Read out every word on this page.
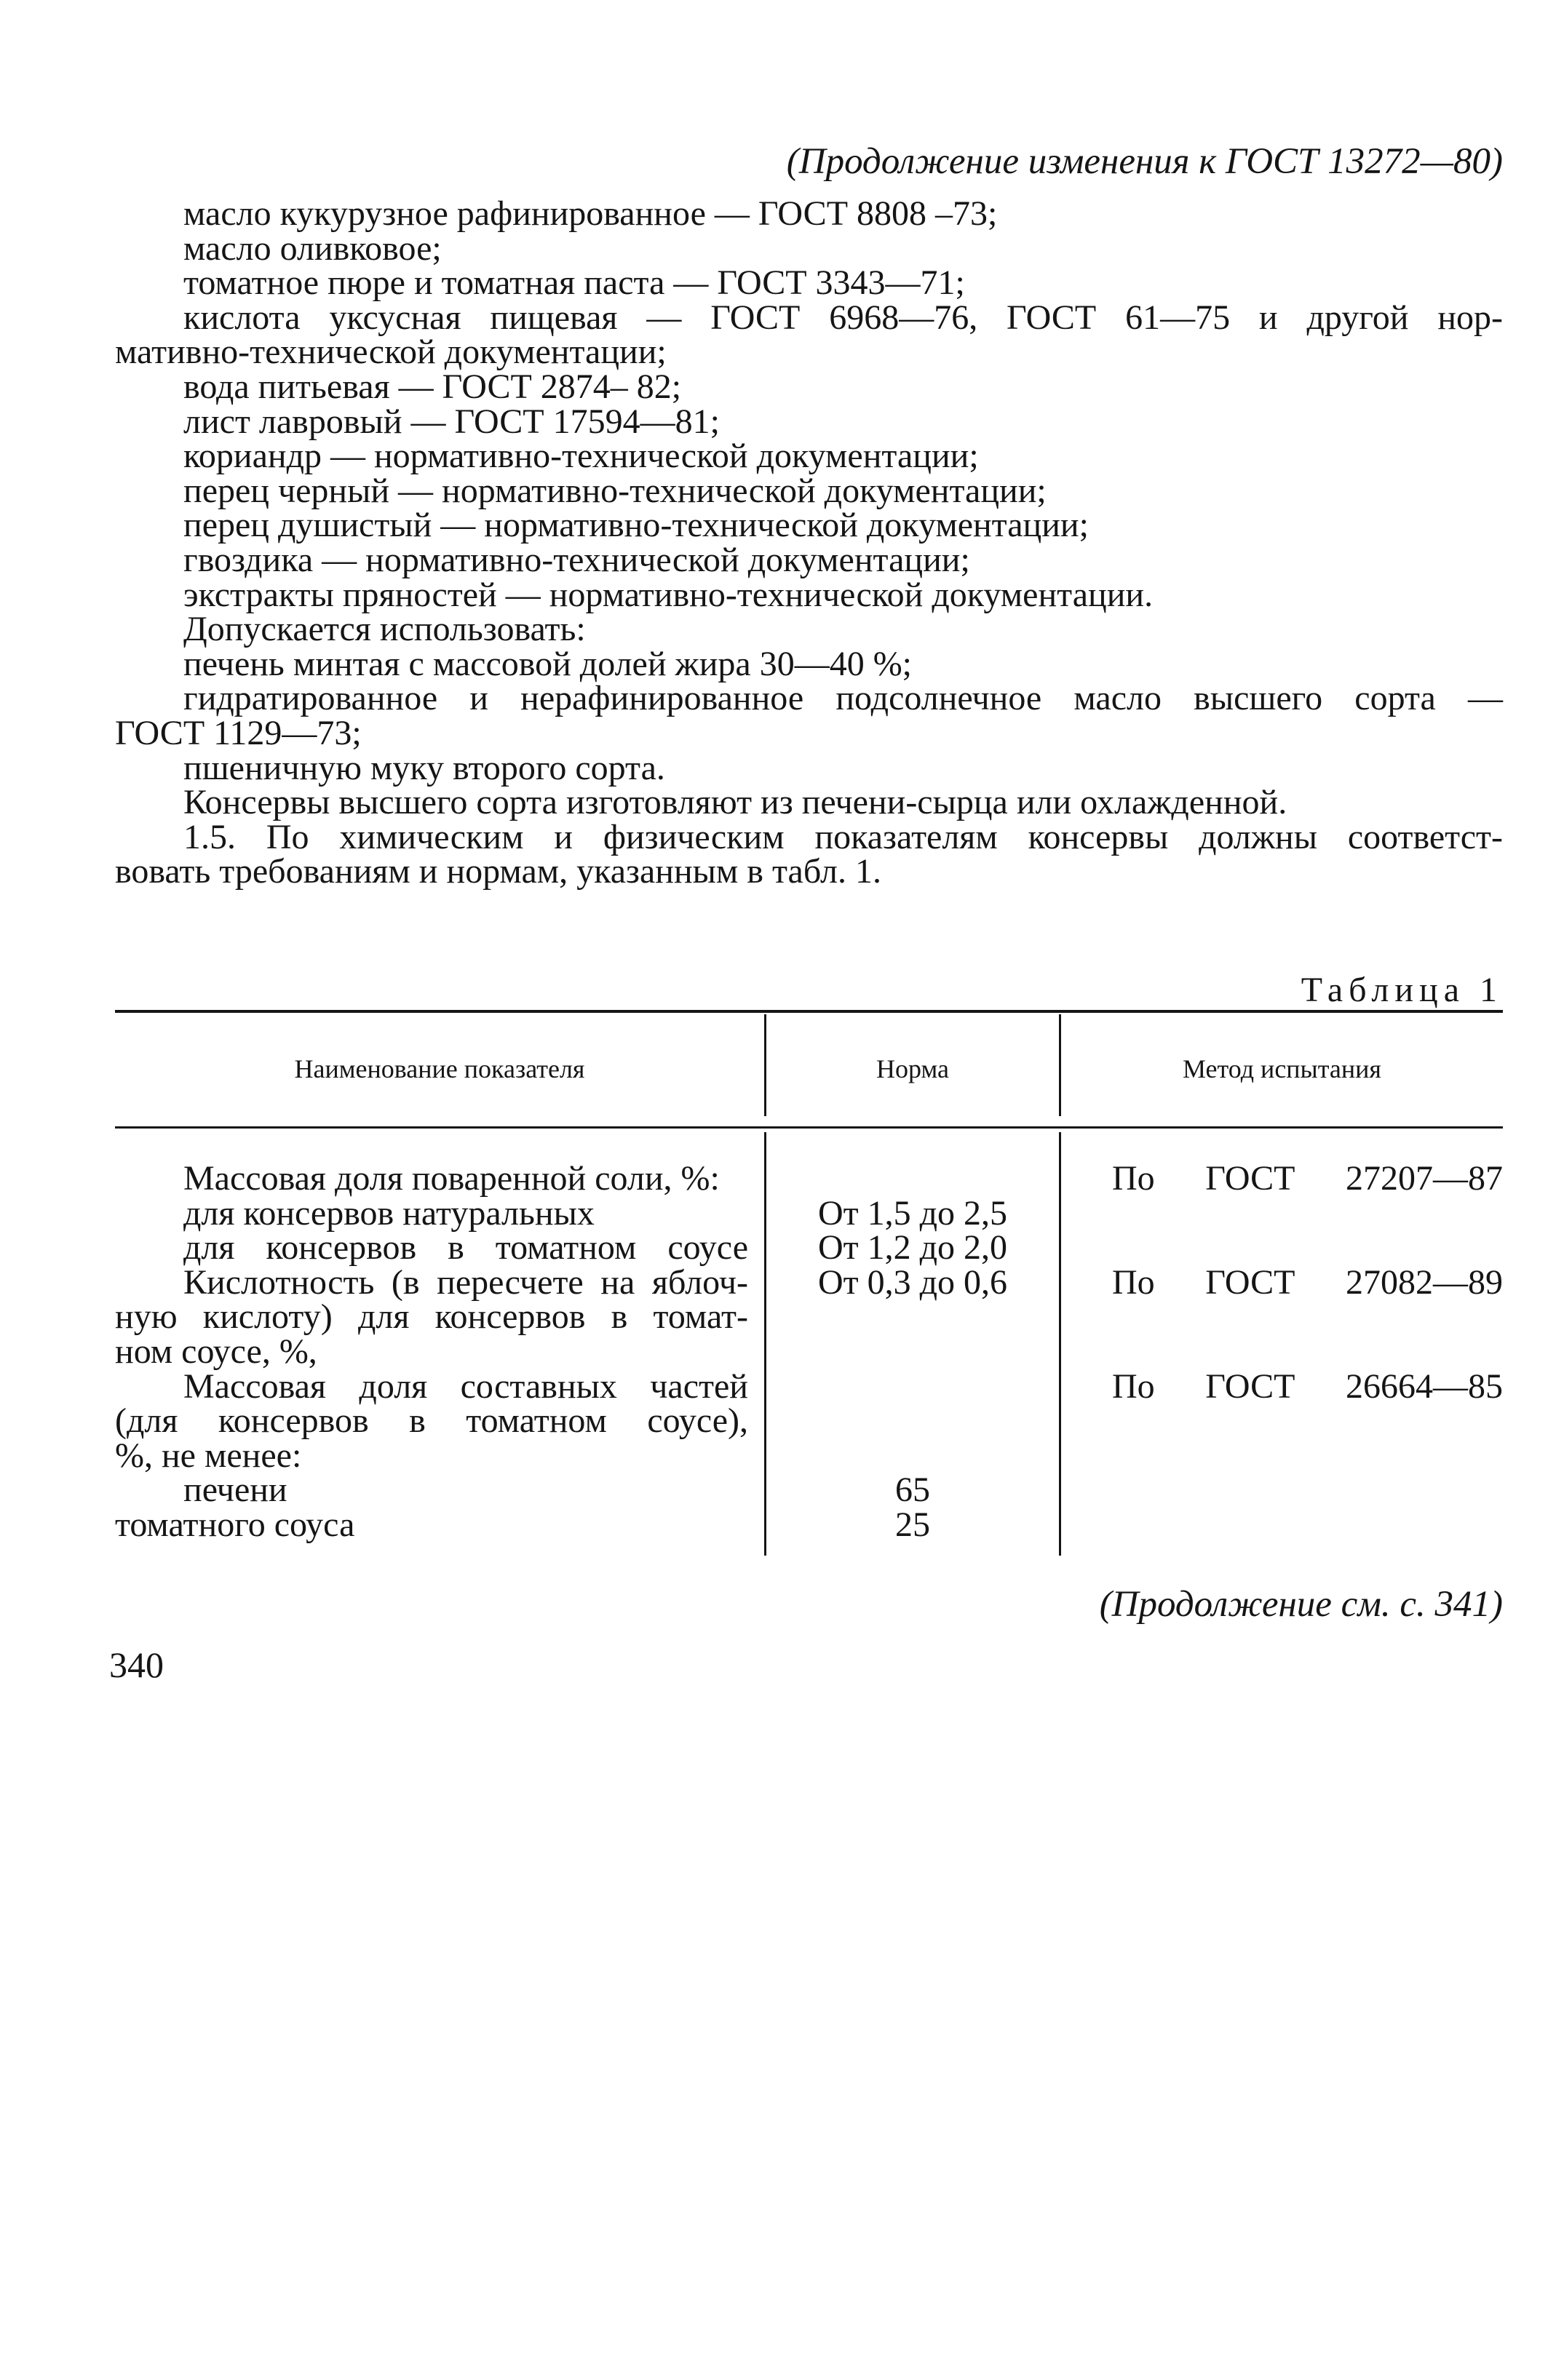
(Продолжение изменения к ГОСТ 13272—80)
масло кукурузное рафинированное — ГОСТ 8808 –73;
масло оливковое;
томатное пюре и томатная паста — ГОСТ 3343—71;
кислота уксусная пищевая — ГОСТ 6968—76, ГОСТ 61—75 и другой нор-
мативно-технической документации;
вода питьевая — ГОСТ 2874– 82;
лист лавровый — ГОСТ 17594—81;
кориандр — нормативно-технической документации;
перец черный — нормативно-технической документации;
перец душистый — нормативно-технической документации;
гвоздика — нормативно-технической документации;
экстракты пряностей — нормативно-технической документации.
Допускается использовать:
печень минтая с массовой долей жира 30—40 %;
гидратированное и нерафинированное подсолнечное масло высшего сорта —
ГОСТ 1129—73;
пшеничную муку второго сорта.
Консервы высшего сорта изготовляют из печени-сырца или охлажденной.
1.5. По химическим и физическим показателям консервы должны соответст-
вовать требованиям и нормам, указанным в табл. 1.
Таблица 1
Наименование показателя	Норма	Метод испытания
Массовая доля поваренной соли, %:
для консервов натуральных
для консервов в томатном соусе
Кислотность (в пересчете на яблоч-
ную кислоту) для консервов в томат-
ном соусе, %,
Массовая доля составных частей
(для консервов в томатном соусе),
%, не менее:
печени
томатного соуса
От 1,5 до 2,5
От 1,2 до 2,0
От 0,3 до 0,6
65
25
По ГОСТ 27207—87
По ГОСТ 27082—89
По ГОСТ 26664—85
(Продолжение см. с. 341)
340
